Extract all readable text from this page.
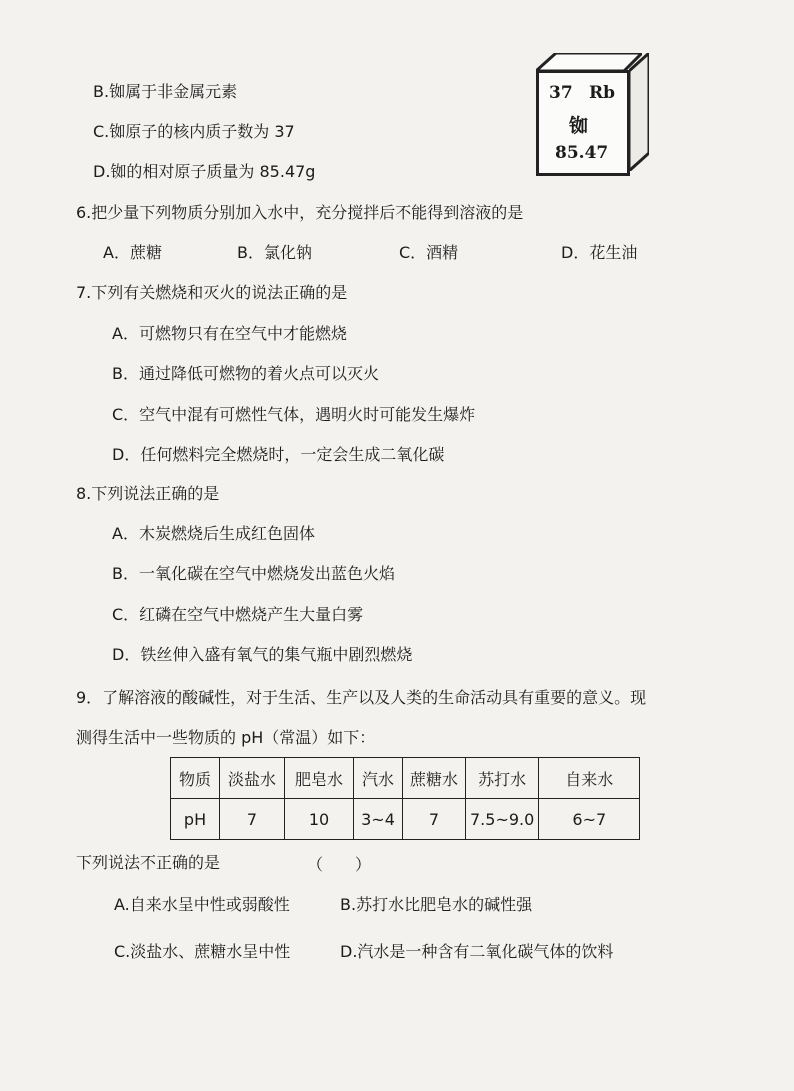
B.铷属于非金属元素
C.铷原子的核内质子数为 37
D.铷的相对原子质量为 85.47g
37 Rb
铷
85.47
6.把少量下列物质分别加入水中，充分搅拌后不能得到溶液的是
A．蔗糖	B．氯化钠	C．酒精	D．花生油
7.下列有关燃烧和灭火的说法正确的是
A．可燃物只有在空气中才能燃烧
B．通过降低可燃物的着火点可以灭火
C．空气中混有可燃性气体，遇明火时可能发生爆炸
D．任何燃料完全燃烧时，一定会生成二氧化碳
8.下列说法正确的是
A．木炭燃烧后生成红色固体
B．一氧化碳在空气中燃烧发出蓝色火焰
C．红磷在空气中燃烧产生大量白雾
D．铁丝伸入盛有氧气的集气瓶中剧烈燃烧
9．了解溶液的酸碱性，对于生活、生产以及人类的生命活动具有重要的意义。现
测得生活中一些物质的 pH（常温）如下：
物质	淡盐水	肥皂水	汽水	蔗糖水	苏打水	自来水
pH	7	10	3~4	7	7.5~9.0	6~7
下列说法不正确的是	（　　）
A.自来水呈中性或弱酸性	B.苏打水比肥皂水的碱性强
C.淡盐水、蔗糖水呈中性	D.汽水是一种含有二氧化碳气体的饮料
